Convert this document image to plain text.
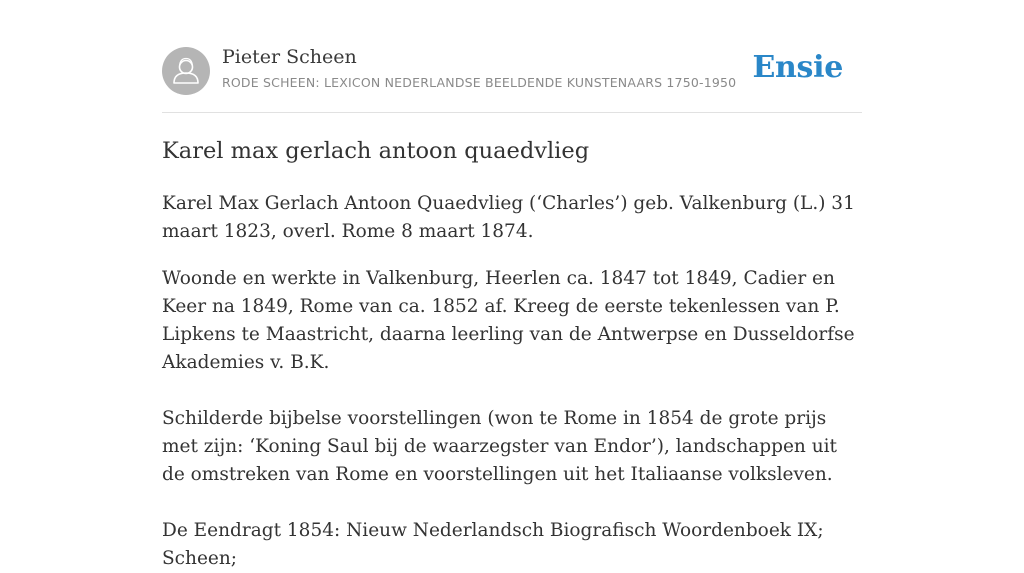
Pieter Scheen
RODE SCHEEN: LEXICON NEDERLANDSE BEELDENDE KUNSTENAARS 1750-1950 Ensie
Karel max gerlach antoon quaedvlieg

Karel Max Gerlach Antoon Quaedvlieg (‘Charles’) geb. Valkenburg (L.) 31 maart 1823, overl. Rome 8 maart 1874.

Woonde en werkte in Valkenburg, Heerlen ca. 1847 tot 1849, Cadier en Keer na 1849, Rome van ca. 1852 af. Kreeg de eerste tekenlessen van P. Lipkens te Maastricht, daarna leerling van de Antwerpse en Dusseldorfse Akademies v. B.K.

Schilderde bijbelse voorstellingen (won te Rome in 1854 de grote prijs met zijn: ‘Koning Saul bij de waarzegster van Endor’), landschappen uit de omstreken van Rome en voorstellingen uit het Italiaanse volksleven.

De Eendragt 1854: Nieuw Nederlandsch Biografisch Woordenboek IX; Scheen;
